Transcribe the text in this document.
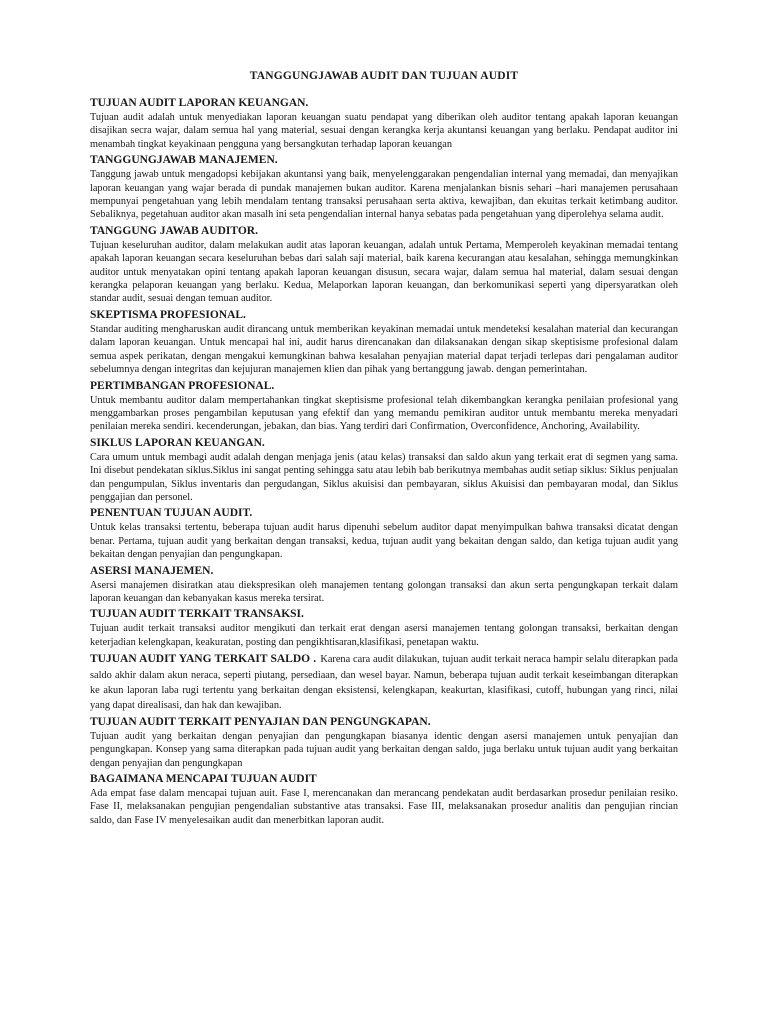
TANGGUNGJAWAB AUDIT DAN TUJUAN AUDIT
TUJUAN AUDIT LAPORAN KEUANGAN.

Tujuan audit adalah untuk menyediakan laporan keuangan suatu pendapat yang diberikan oleh auditor tentang apakah laporan keuangan disajikan secra wajar, dalam semua hal yang material, sesuai dengan kerangka kerja akuntansi keuangan yang berlaku. Pendapat auditor ini menambah tingkat keyakinaan pengguna yang bersangkutan terhadap laporan keuangan

TANGGUNGJAWAB MANAJEMEN.

Tanggung jawab untuk mengadopsi kebijakan akuntansi yang baik, menyelenggarakan pengendalian internal yang memadai, dan menyajikan laporan keuangan yang wajar berada di pundak manajemen bukan auditor. Karena menjalankan bisnis sehari –hari manajemen perusahaan mempunyai pengetahuan yang lebih mendalam tentang transaksi perusahaan serta aktiva, kewajiban, dan ekuitas terkait ketimbang auditor. Sebaliknya, pegetahuan auditor akan masalh ini seta pengendalian internal hanya sebatas pada pengetahuan yang diperolehya selama audit.

TANGGUNG JAWAB AUDITOR.

Tujuan keseluruhan auditor, dalam melakukan audit atas laporan keuangan, adalah untuk Pertama, Memperoleh keyakinan memadai tentang apakah laporan keuangan secara keseluruhan bebas dari salah saji material, baik karena kecurangan atau kesalahan, sehingga memungkinkan auditor untuk menyatakan opini tentang apakah laporan keuangan disusun, secara wajar, dalam semua hal material, dalam sesuai dengan kerangka pelaporan keuangan yang berlaku. Kedua, Melaporkan laporan keuangan, dan berkomunikasi seperti yang dipersyaratkan oleh standar audit, sesuai dengan temuan auditor.

SKEPTISMA PROFESIONAL.

Standar auditing mengharuskan audit dirancang untuk memberikan keyakinan memadai untuk mendeteksi kesalahan material dan kecurangan dalam laporan keuangan. Untuk mencapai hal ini, audit harus direncanakan dan dilaksanakan dengan sikap skeptisisme profesional dalam semua aspek perikatan, dengan mengakui kemungkinan bahwa kesalahan penyajian material dapat terjadi terlepas dari pengalaman auditor sebelumnya dengan integritas dan kejujuran manajemen klien dan pihak yang bertanggung jawab. dengan pemerintahan.

PERTIMBANGAN PROFESIONAL.

Untuk membantu auditor dalam mempertahankan tingkat skeptisisme profesional telah dikembangkan kerangka penilaian profesional yang menggambarkan proses pengambilan keputusan yang efektif dan yang memandu pemikiran auditor untuk membantu mereka menyadari penilaian mereka sendiri. kecenderungan, jebakan, dan bias. Yang terdiri dari Confirmation, Overconfidence, Anchoring, Availability.

SIKLUS LAPORAN KEUANGAN.

Cara umum untuk membagi audit adalah dengan menjaga jenis (atau kelas) transaksi dan saldo akun yang terkait erat di segmen yang sama. Ini disebut pendekatan siklus.Siklus ini sangat penting sehingga satu atau lebih bab berikutnya membahas audit setiap siklus: Siklus penjualan dan pengumpulan, Siklus inventaris dan pergudangan, Siklus akuisisi dan pembayaran, siklus Akuisisi dan pembayaran modal, dan Siklus penggajian dan personel.

PENENTUAN TUJUAN AUDIT.

Untuk kelas transaksi tertentu, beberapa tujuan audit harus dipenuhi sebelum auditor dapat menyimpulkan bahwa transaksi dicatat dengan benar. Pertama, tujuan audit yang berkaitan dengan transaksi, kedua, tujuan audit yang bekaitan dengan saldo, dan ketiga tujuan audit yang bekaitan dengan penyajian dan pengungkapan.

ASERSI MANAJEMEN.

Asersi manajemen disiratkan atau diekspresikan oleh manajemen tentang golongan transaksi dan akun serta pengungkapan terkait dalam laporan keuangan dan kebanyakan kasus mereka tersirat.

TUJUAN AUDIT TERKAIT TRANSAKSI.

Tujuan audit terkait transaksi auditor mengikuti dan terkait erat dengan asersi manajemen tentang golongan transaksi, berkaitan dengan keterjadian kelengkapan, keakuratan, posting dan pengikhtisaran,klasifikasi, penetapan waktu.

TUJUAN AUDIT YANG TERKAIT SALDO . Karena cara audit dilakukan, tujuan audit terkait neraca hampir selalu diterapkan pada saldo akhir dalam akun neraca, seperti piutang, persediaan, dan wesel bayar. Namun, beberapa tujuan audit terkait keseimbangan diterapkan ke akun laporan laba rugi tertentu yang berkaitan dengan eksistensi, kelengkapan, keakurtan, klasifikasi, cutoff, hubungan yang rinci, nilai yang dapat direalisasi, dan hak dan kewajiban.

TUJUAN AUDIT TERKAIT PENYAJIAN DAN PENGUNGKAPAN.

Tujuan audit yang berkaitan dengan penyajian dan pengungkapan biasanya identic dengan asersi manajemen untuk penyajian dan pengungkapan. Konsep yang sama diterapkan pada tujuan audit yang berkaitan dengan saldo, juga berlaku untuk tujuan audit yang berkaitan dengan penyajian dan pengungkapan

BAGAIMANA MENCAPAI TUJUAN AUDIT

Ada empat fase dalam mencapai tujuan auit. Fase I, merencanakan dan merancang pendekatan audit berdasarkan prosedur penilaian resiko. Fase II, melaksanakan pengujian pengendalian substantive atas transaksi. Fase III, melaksanakan prosedur analitis dan pengujian rincian saldo, dan Fase IV menyelesaikan audit dan menerbitkan laporan audit.
